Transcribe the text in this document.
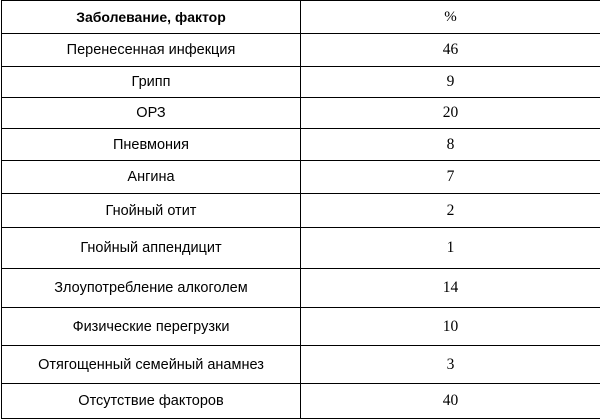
Заболевание, фактор	%
Перенесенная инфекция	46
Грипп	9
ОРЗ	20
Пневмония	8
Ангина	7
Гнойный отит	2
Гнойный аппендицит	1
Злоупотребление алкоголем	14
Физические перегрузки	10
Отягощенный семейный анамнез	3
Отсутствие факторов	40
